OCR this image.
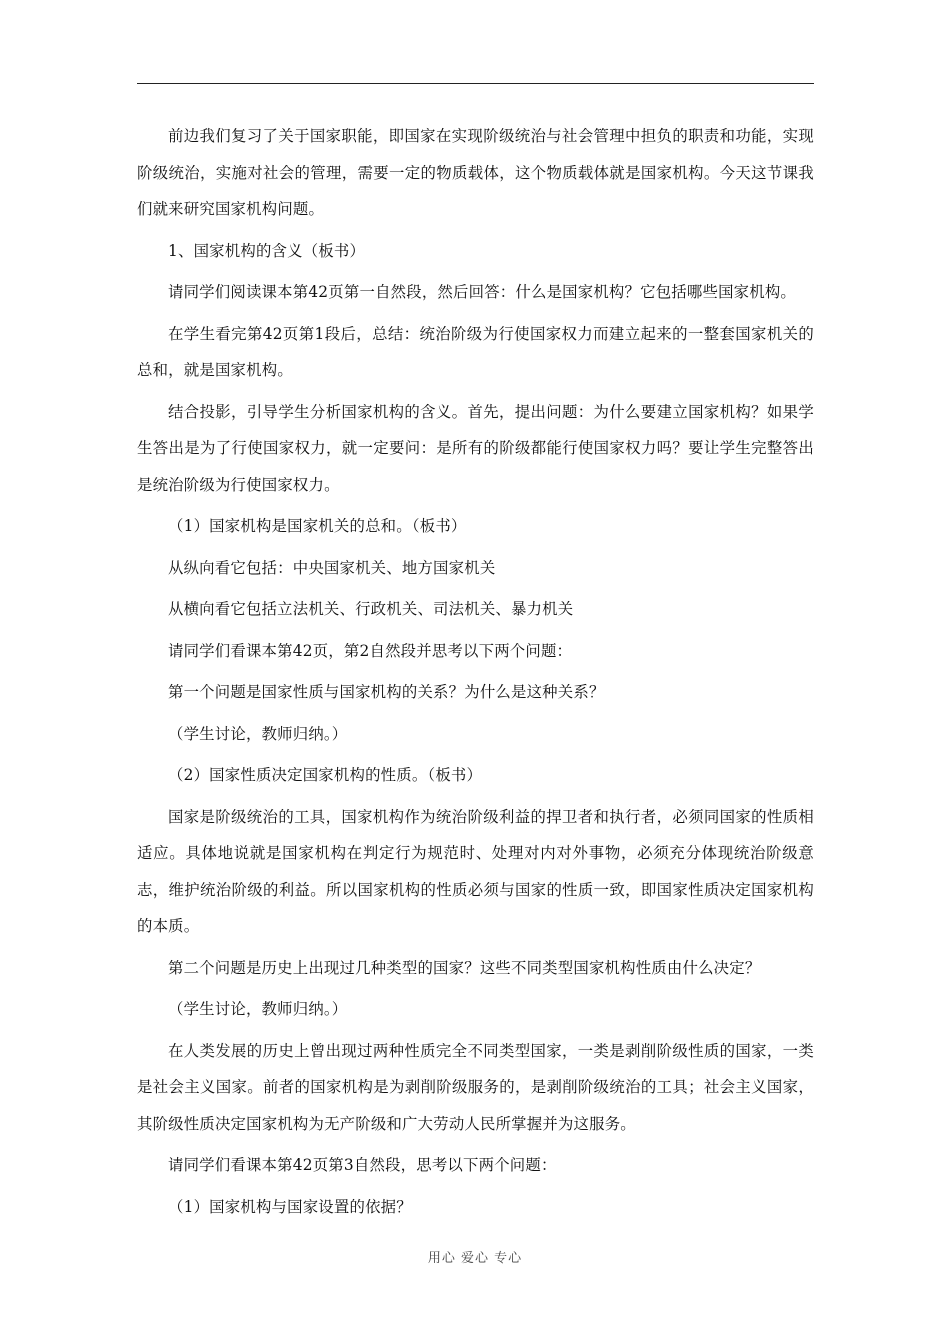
前边我们复习了关于国家职能，即国家在实现阶级统治与社会管理中担负的职责和功能，实现阶级统治，实施对社会的管理，需要一定的物质载体，这个物质载体就是国家机构。今天这节课我们就来研究国家机构问题。

1、国家机构的含义（板书）

请同学们阅读课本第42页第一自然段，然后回答：什么是国家机构？它包括哪些国家机构。

在学生看完第42页第1段后，总结：统治阶级为行使国家权力而建立起来的一整套国家机关的总和，就是国家机构。

结合投影，引导学生分析国家机构的含义。首先，提出问题：为什么要建立国家机构？如果学生答出是为了行使国家权力，就一定要问：是所有的阶级都能行使国家权力吗？要让学生完整答出是统治阶级为行使国家权力。

（1）国家机构是国家机关的总和。（板书）

从纵向看它包括：中央国家机关、地方国家机关

从横向看它包括立法机关、行政机关、司法机关、暴力机关

请同学们看课本第42页，第2自然段并思考以下两个问题：

第一个问题是国家性质与国家机构的关系？为什么是这种关系？

（学生讨论，教师归纳。）

（2）国家性质决定国家机构的性质。（板书）

国家是阶级统治的工具，国家机构作为统治阶级利益的捍卫者和执行者，必须同国家的性质相适应。具体地说就是国家机构在判定行为规范时、处理对内对外事物，必须充分体现统治阶级意志，维护统治阶级的利益。所以国家机构的性质必须与国家的性质一致，即国家性质决定国家机构的本质。

第二个问题是历史上出现过几种类型的国家？这些不同类型国家机构性质由什么决定？

（学生讨论，教师归纳。）

在人类发展的历史上曾出现过两种性质完全不同类型国家，一类是剥削阶级性质的国家，一类是社会主义国家。前者的国家机构是为剥削阶级服务的，是剥削阶级统治的工具；社会主义国家，其阶级性质决定国家机构为无产阶级和广大劳动人民所掌握并为这服务。

请同学们看课本第42页第3自然段，思考以下两个问题：

（1）国家机构与国家设置的依据？

用心 爱心 专心
